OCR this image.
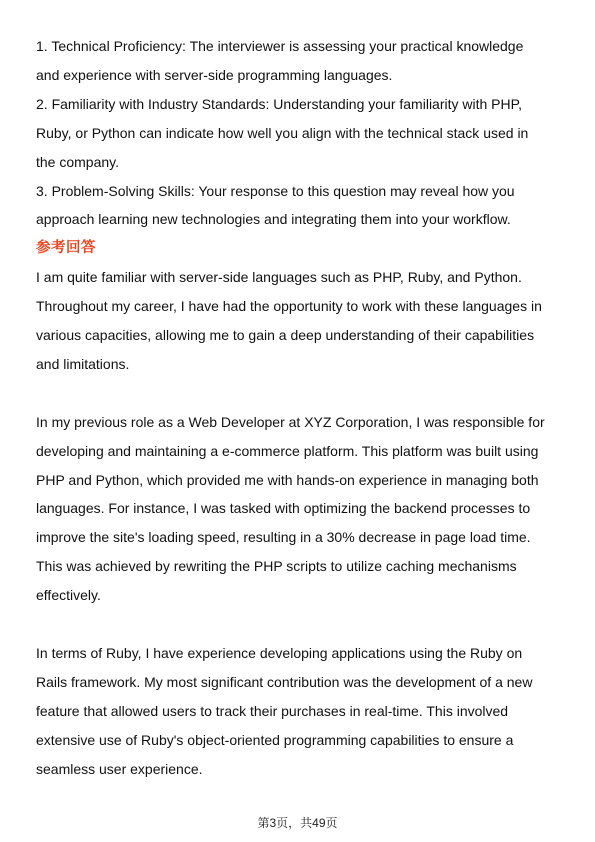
1. Technical Proficiency: The interviewer is assessing your practical knowledge
and experience with server-side programming languages.
2. Familiarity with Industry Standards: Understanding your familiarity with PHP,
Ruby, or Python can indicate how well you align with the technical stack used in
the company.
3. Problem-Solving Skills: Your response to this question may reveal how you
approach learning new technologies and integrating them into your workflow.
参考回答
I am quite familiar with server-side languages such as PHP, Ruby, and Python.
Throughout my career, I have had the opportunity to work with these languages in
various capacities, allowing me to gain a deep understanding of their capabilities
and limitations.
In my previous role as a Web Developer at XYZ Corporation, I was responsible for
developing and maintaining a e-commerce platform. This platform was built using
PHP and Python, which provided me with hands-on experience in managing both
languages. For instance, I was tasked with optimizing the backend processes to
improve the site's loading speed, resulting in a 30% decrease in page load time.
This was achieved by rewriting the PHP scripts to utilize caching mechanisms
effectively.
In terms of Ruby, I have experience developing applications using the Ruby on
Rails framework. My most significant contribution was the development of a new
feature that allowed users to track their purchases in real-time. This involved
extensive use of Ruby's object-oriented programming capabilities to ensure a
seamless user experience.
第3页，共49页
